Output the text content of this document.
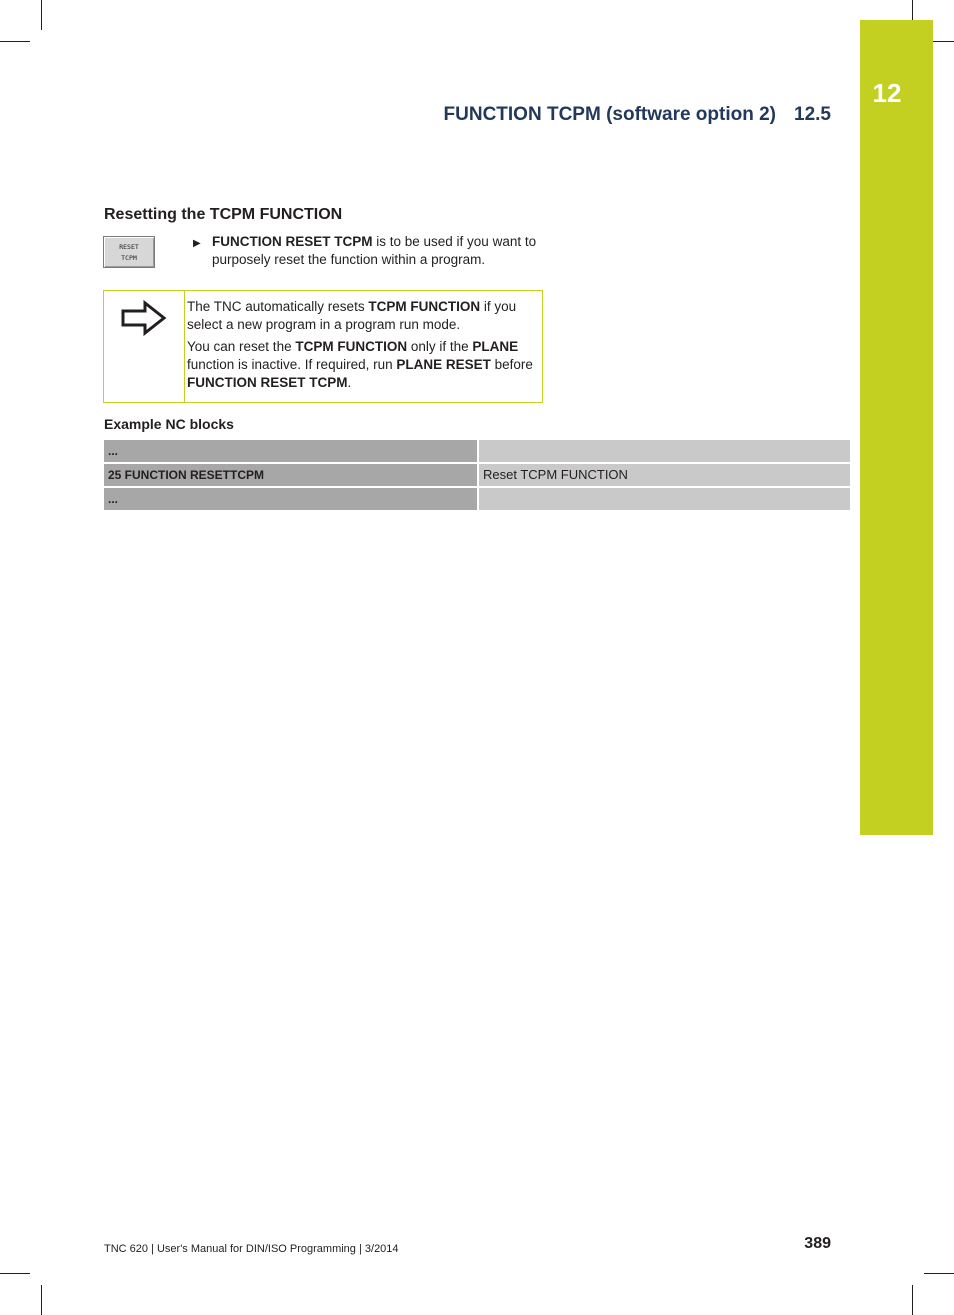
12
FUNCTION TCPM (software option 2) 12.5
Resetting the TCPM FUNCTION
RESET
TCPM
▶ FUNCTION RESET TCPM is to be used if you want to purposely reset the function within a program.

The TNC automatically resets TCPM FUNCTION if you select a new program in a program run mode.

You can reset the TCPM FUNCTION only if the PLANE function is inactive. If required, run PLANE RESET before FUNCTION RESET TCPM.

Example NC blocks
...
25 FUNCTION RESETTCPM	Reset TCPM FUNCTION
...
TNC 620 | User's Manual for DIN/ISO Programming | 3/2014	389
